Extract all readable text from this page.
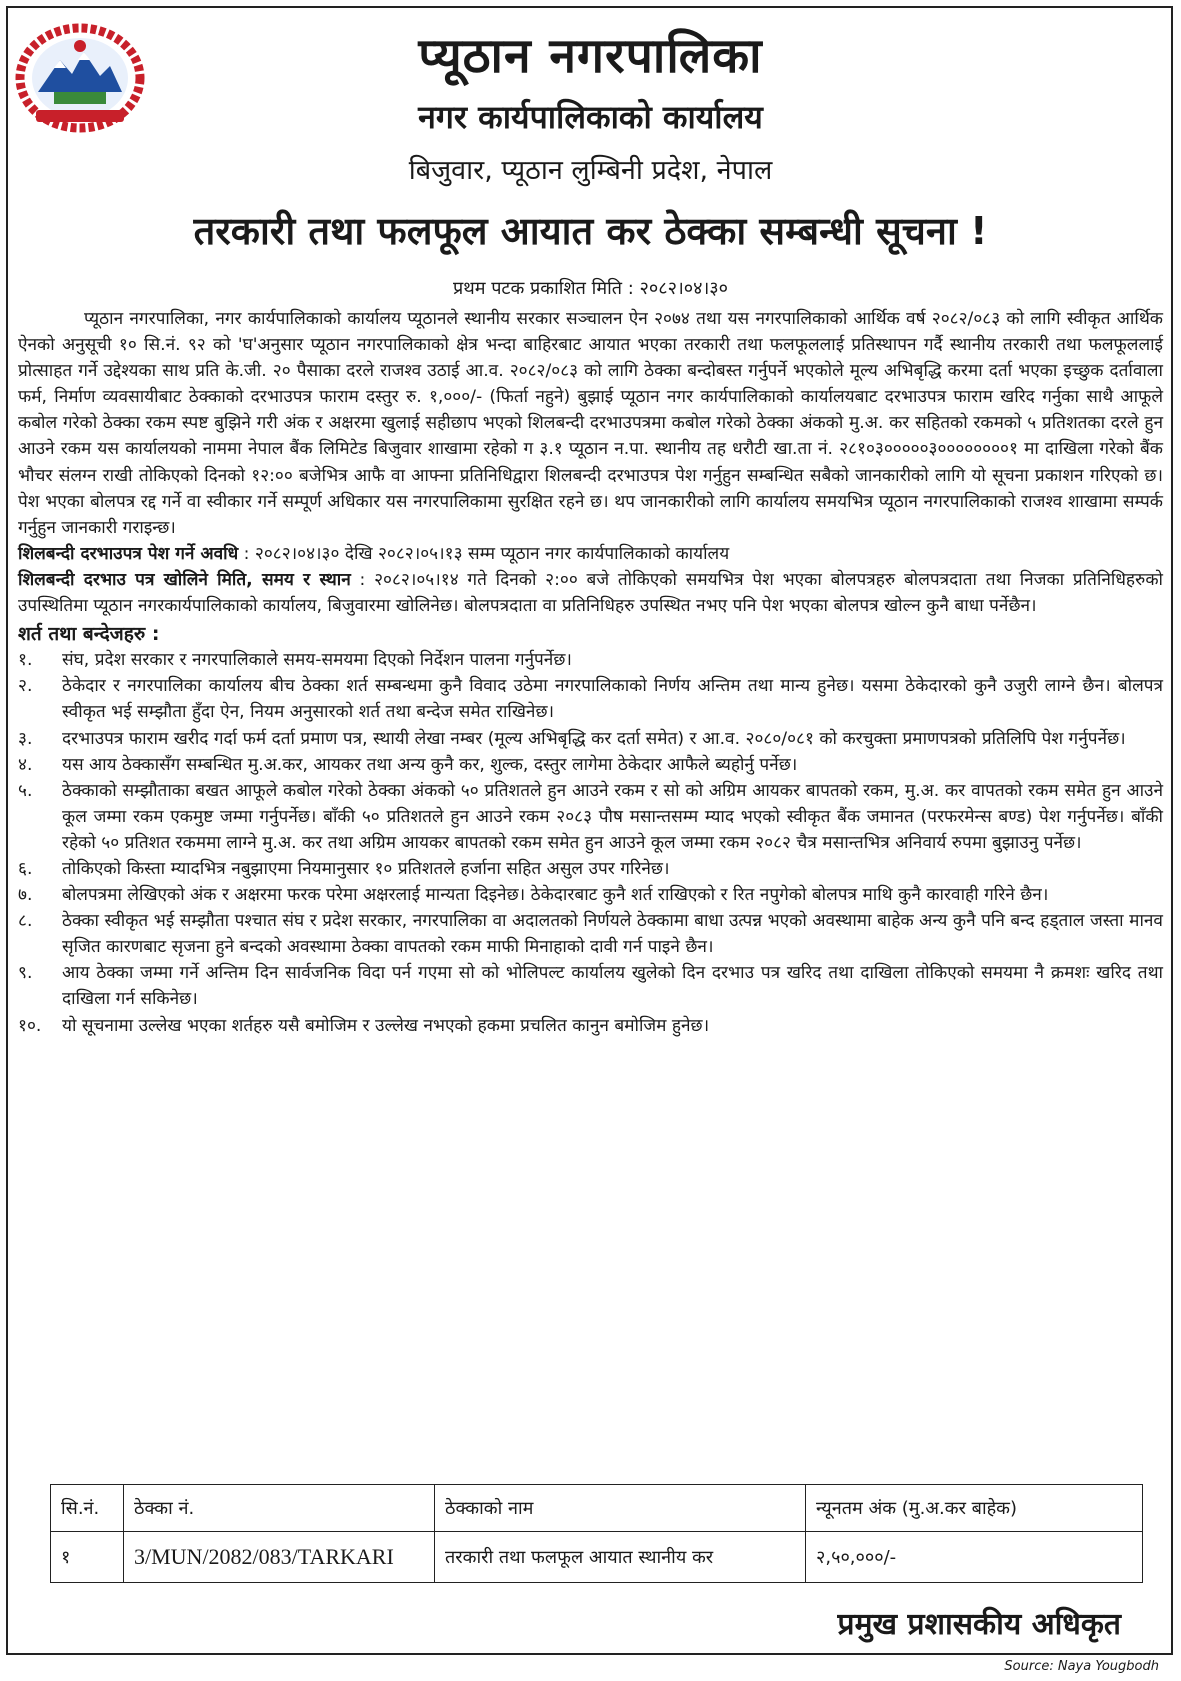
प्यूठान नगरपालिका
नगर कार्यपालिकाको कार्यालय
बिजुवार, प्यूठान लुम्बिनी प्रदेश, नेपाल
तरकारी तथा फलफूल आयात कर ठेक्का सम्बन्धी सूचना !
प्रथम पटक प्रकाशित मिति : २०८२।०४।३०

प्यूठान नगरपालिका, नगर कार्यपालिकाको कार्यालय प्यूठानले स्थानीय सरकार सञ्चालन ऐन २०७४ तथा यस नगरपालिकाको आर्थिक वर्ष २०८२/०८३ को लागि स्वीकृत आर्थिक ऐनको अनुसूची १० सि.नं. ९२ को 'घ'अनुसार प्यूठान नगरपालिकाको क्षेत्र भन्दा बाहिरबाट आयात भएका तरकारी तथा फलफूललाई प्रतिस्थापन गर्दै स्थानीय तरकारी तथा फलफूललाई प्रोत्साहत गर्ने उद्देश्यका साथ प्रति के.जी. २० पैसाका दरले राजश्व उठाई आ.व. २०८२/०८३ को लागि ठेक्का बन्दोबस्त गर्नुपर्ने भएकोले मूल्य अभिबृद्धि करमा दर्ता भएका इच्छुक दर्तावाला फर्म, निर्माण व्यवसायीबाट ठेक्काको दरभाउपत्र फाराम दस्तुर रु. १,०००/- (फिर्ता नहुने) बुझाई प्यूठान नगर कार्यपालिकाको कार्यालयबाट दरभाउपत्र फाराम खरिद गर्नुका साथै आफूले कबोल गरेको ठेक्का रकम स्पष्ट बुझिने गरी अंक र अक्षरमा खुलाई सहीछाप भएको शिलबन्दी दरभाउपत्रमा कबोल गरेको ठेक्का अंकको मु.अ. कर सहितको रकमको ५ प्रतिशतका दरले हुन आउने रकम यस कार्यालयको नाममा नेपाल बैंक लिमिटेड बिजुवार शाखामा रहेको ग ३.१ प्यूठान न.पा. स्थानीय तह धरौटी खा.ता नं. २८१०३०००००३००००००००१ मा दाखिला गरेको बैंक भौचर संलग्न राखी तोकिएको दिनको १२:०० बजेभित्र आफै वा आफ्ना प्रतिनिधिद्वारा शिलबन्दी दरभाउपत्र पेश गर्नुहुन सम्बन्धित सबैको जानकारीको लागि यो सूचना प्रकाशन गरिएको छ। पेश भएका बोलपत्र रद्द गर्ने वा स्वीकार गर्ने सम्पूर्ण अधिकार यस नगरपालिकामा सुरक्षित रहने छ। थप जानकारीको लागि कार्यालय समयभित्र प्यूठान नगरपालिकाको राजश्व शाखामा सम्पर्क गर्नुहुन जानकारी गराइन्छ।

शिलबन्दी दरभाउपत्र पेश गर्ने अवधि : २०८२।०४।३० देखि २०८२।०५।१३ सम्म प्यूठान नगर कार्यपालिकाको कार्यालय

शिलबन्दी दरभाउ पत्र खोलिने मिति, समय र स्थान : २०८२।०५।१४ गते दिनको २:०० बजे तोकिएको समयभित्र पेश भएका बोलपत्रहरु बोलपत्रदाता तथा निजका प्रतिनिधिहरुको उपस्थितिमा प्यूठान नगरकार्यपालिकाको कार्यालय, बिजुवारमा खोलिनेछ। बोलपत्रदाता वा प्रतिनिधिहरु उपस्थित नभए पनि पेश भएका बोलपत्र खोल्न कुनै बाधा पर्नेछैन।

शर्त तथा बन्देजहरु :
१.	संघ, प्रदेश सरकार र नगरपालिकाले समय-समयमा दिएको निर्देशन पालना गर्नुपर्नेछ।
२.	ठेकेदार र नगरपालिका कार्यालय बीच ठेक्का शर्त सम्बन्धमा कुनै विवाद उठेमा नगरपालिकाको निर्णय अन्तिम तथा मान्य हुनेछ। यसमा ठेकेदारको कुनै उजुरी लाग्ने छैन। बोलपत्र स्वीकृत भई सम्झौता हुँदा ऐन, नियम अनुसारको शर्त तथा बन्देज समेत राखिनेछ।
३.	दरभाउपत्र फाराम खरीद गर्दा फर्म दर्ता प्रमाण पत्र, स्थायी लेखा नम्बर (मूल्य अभिबृद्धि कर दर्ता समेत) र आ.व. २०८०/०८१ को करचुक्ता प्रमाणपत्रको प्रतिलिपि पेश गर्नुपर्नेछ।
४.	यस आय ठेक्कासँग सम्बन्धित मु.अ.कर, आयकर तथा अन्य कुनै कर, शुल्क, दस्तुर लागेमा ठेकेदार आफैले ब्यहोर्नु पर्नेछ।
५.	ठेक्काको सम्झौताका बखत आफूले कबोल गरेको ठेक्का अंकको ५० प्रतिशतले हुन आउने रकम र सो को अग्रिम आयकर बापतको रकम, मु.अ. कर वापतको रकम समेत हुन आउने कूल जम्मा रकम एकमुष्ट जम्मा गर्नुपर्नेछ। बाँकी ५० प्रतिशतले हुन आउने रकम २०८३ पौष मसान्तसम्म म्याद भएको स्वीकृत बैंक जमानत (परफरमेन्स बण्ड) पेश गर्नुपर्नेछ। बाँकी रहेको ५० प्रतिशत रकममा लाग्ने मु.अ. कर तथा अग्रिम आयकर बापतको रकम समेत हुन आउने कूल जम्मा रकम २०८२ चैत्र मसान्तभित्र अनिवार्य रुपमा बुझाउनु पर्नेछ।
६.	तोकिएको किस्ता म्यादभित्र नबुझाएमा नियमानुसार १० प्रतिशतले हर्जाना सहित असुल उपर गरिनेछ।
७.	बोलपत्रमा लेखिएको अंक र अक्षरमा फरक परेमा अक्षरलाई मान्यता दिइनेछ। ठेकेदारबाट कुनै शर्त राखिएको र रित नपुगेको बोलपत्र माथि कुनै कारवाही गरिने छैन।
८.	ठेक्का स्वीकृत भई सम्झौता पश्चात संघ र प्रदेश सरकार, नगरपालिका वा अदालतको निर्णयले ठेक्कामा बाधा उत्पन्न भएको अवस्थामा बाहेक अन्य कुनै पनि बन्द हड्ताल जस्ता मानव सृजित कारणबाट सृजना हुने बन्दको अवस्थामा ठेक्का वापतको रकम माफी मिनाहाको दावी गर्न पाइने छैन।
९.	आय ठेक्का जम्मा गर्ने अन्तिम दिन सार्वजनिक विदा पर्न गएमा सो को भोलिपल्ट कार्यालय खुलेको दिन दरभाउ पत्र खरिद तथा दाखिला तोकिएको समयमा नै क्रमशः खरिद तथा दाखिला गर्न सकिनेछ।
१०.	यो सूचनामा उल्लेख भएका शर्तहरु यसै बमोजिम र उल्लेख नभएको हकमा प्रचलित कानुन बमोजिम हुनेछ।
सि.नं.	ठेक्का नं.	ठेक्काको नाम	न्यूनतम अंक (मु.अ.कर बाहेक)
१	3/MUN/2082/083/TARKARI	तरकारी तथा फलफूल आयात स्थानीय कर	२,५०,०००/-
प्रमुख प्रशासकीय अधिकृत
Source: Naya Yougbodh
